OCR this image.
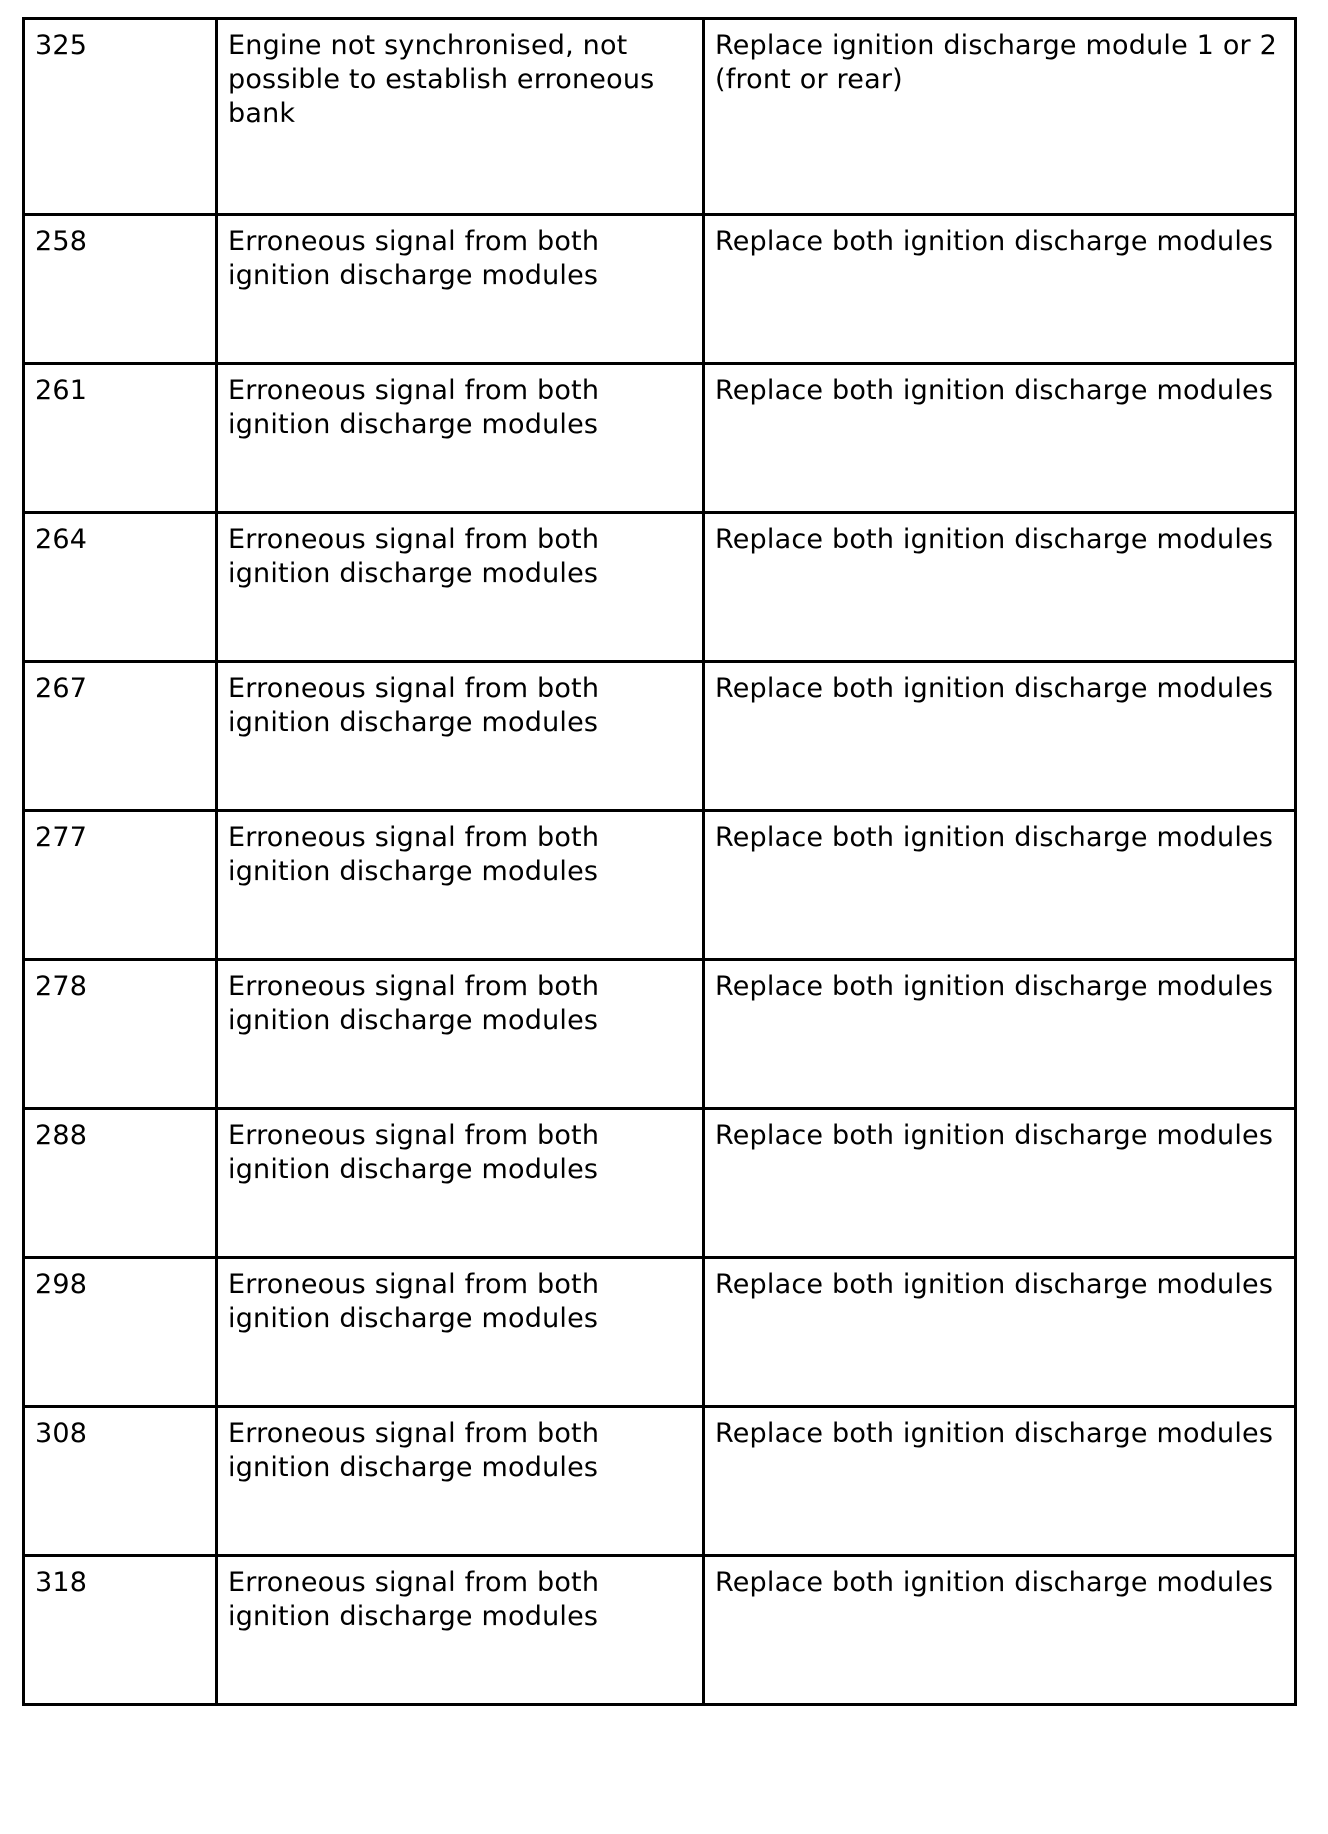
325	Engine not synchronised, not possible to establish erroneous bank	Replace ignition discharge module 1 or 2 (front or rear)
258	Erroneous signal from both ignition discharge modules	Replace both ignition discharge modules
261	Erroneous signal from both ignition discharge modules	Replace both ignition discharge modules
264	Erroneous signal from both ignition discharge modules	Replace both ignition discharge modules
267	Erroneous signal from both ignition discharge modules	Replace both ignition discharge modules
277	Erroneous signal from both ignition discharge modules	Replace both ignition discharge modules
278	Erroneous signal from both ignition discharge modules	Replace both ignition discharge modules
288	Erroneous signal from both ignition discharge modules	Replace both ignition discharge modules
298	Erroneous signal from both ignition discharge modules	Replace both ignition discharge modules
308	Erroneous signal from both ignition discharge modules	Replace both ignition discharge modules
318	Erroneous signal from both ignition discharge modules	Replace both ignition discharge modules
